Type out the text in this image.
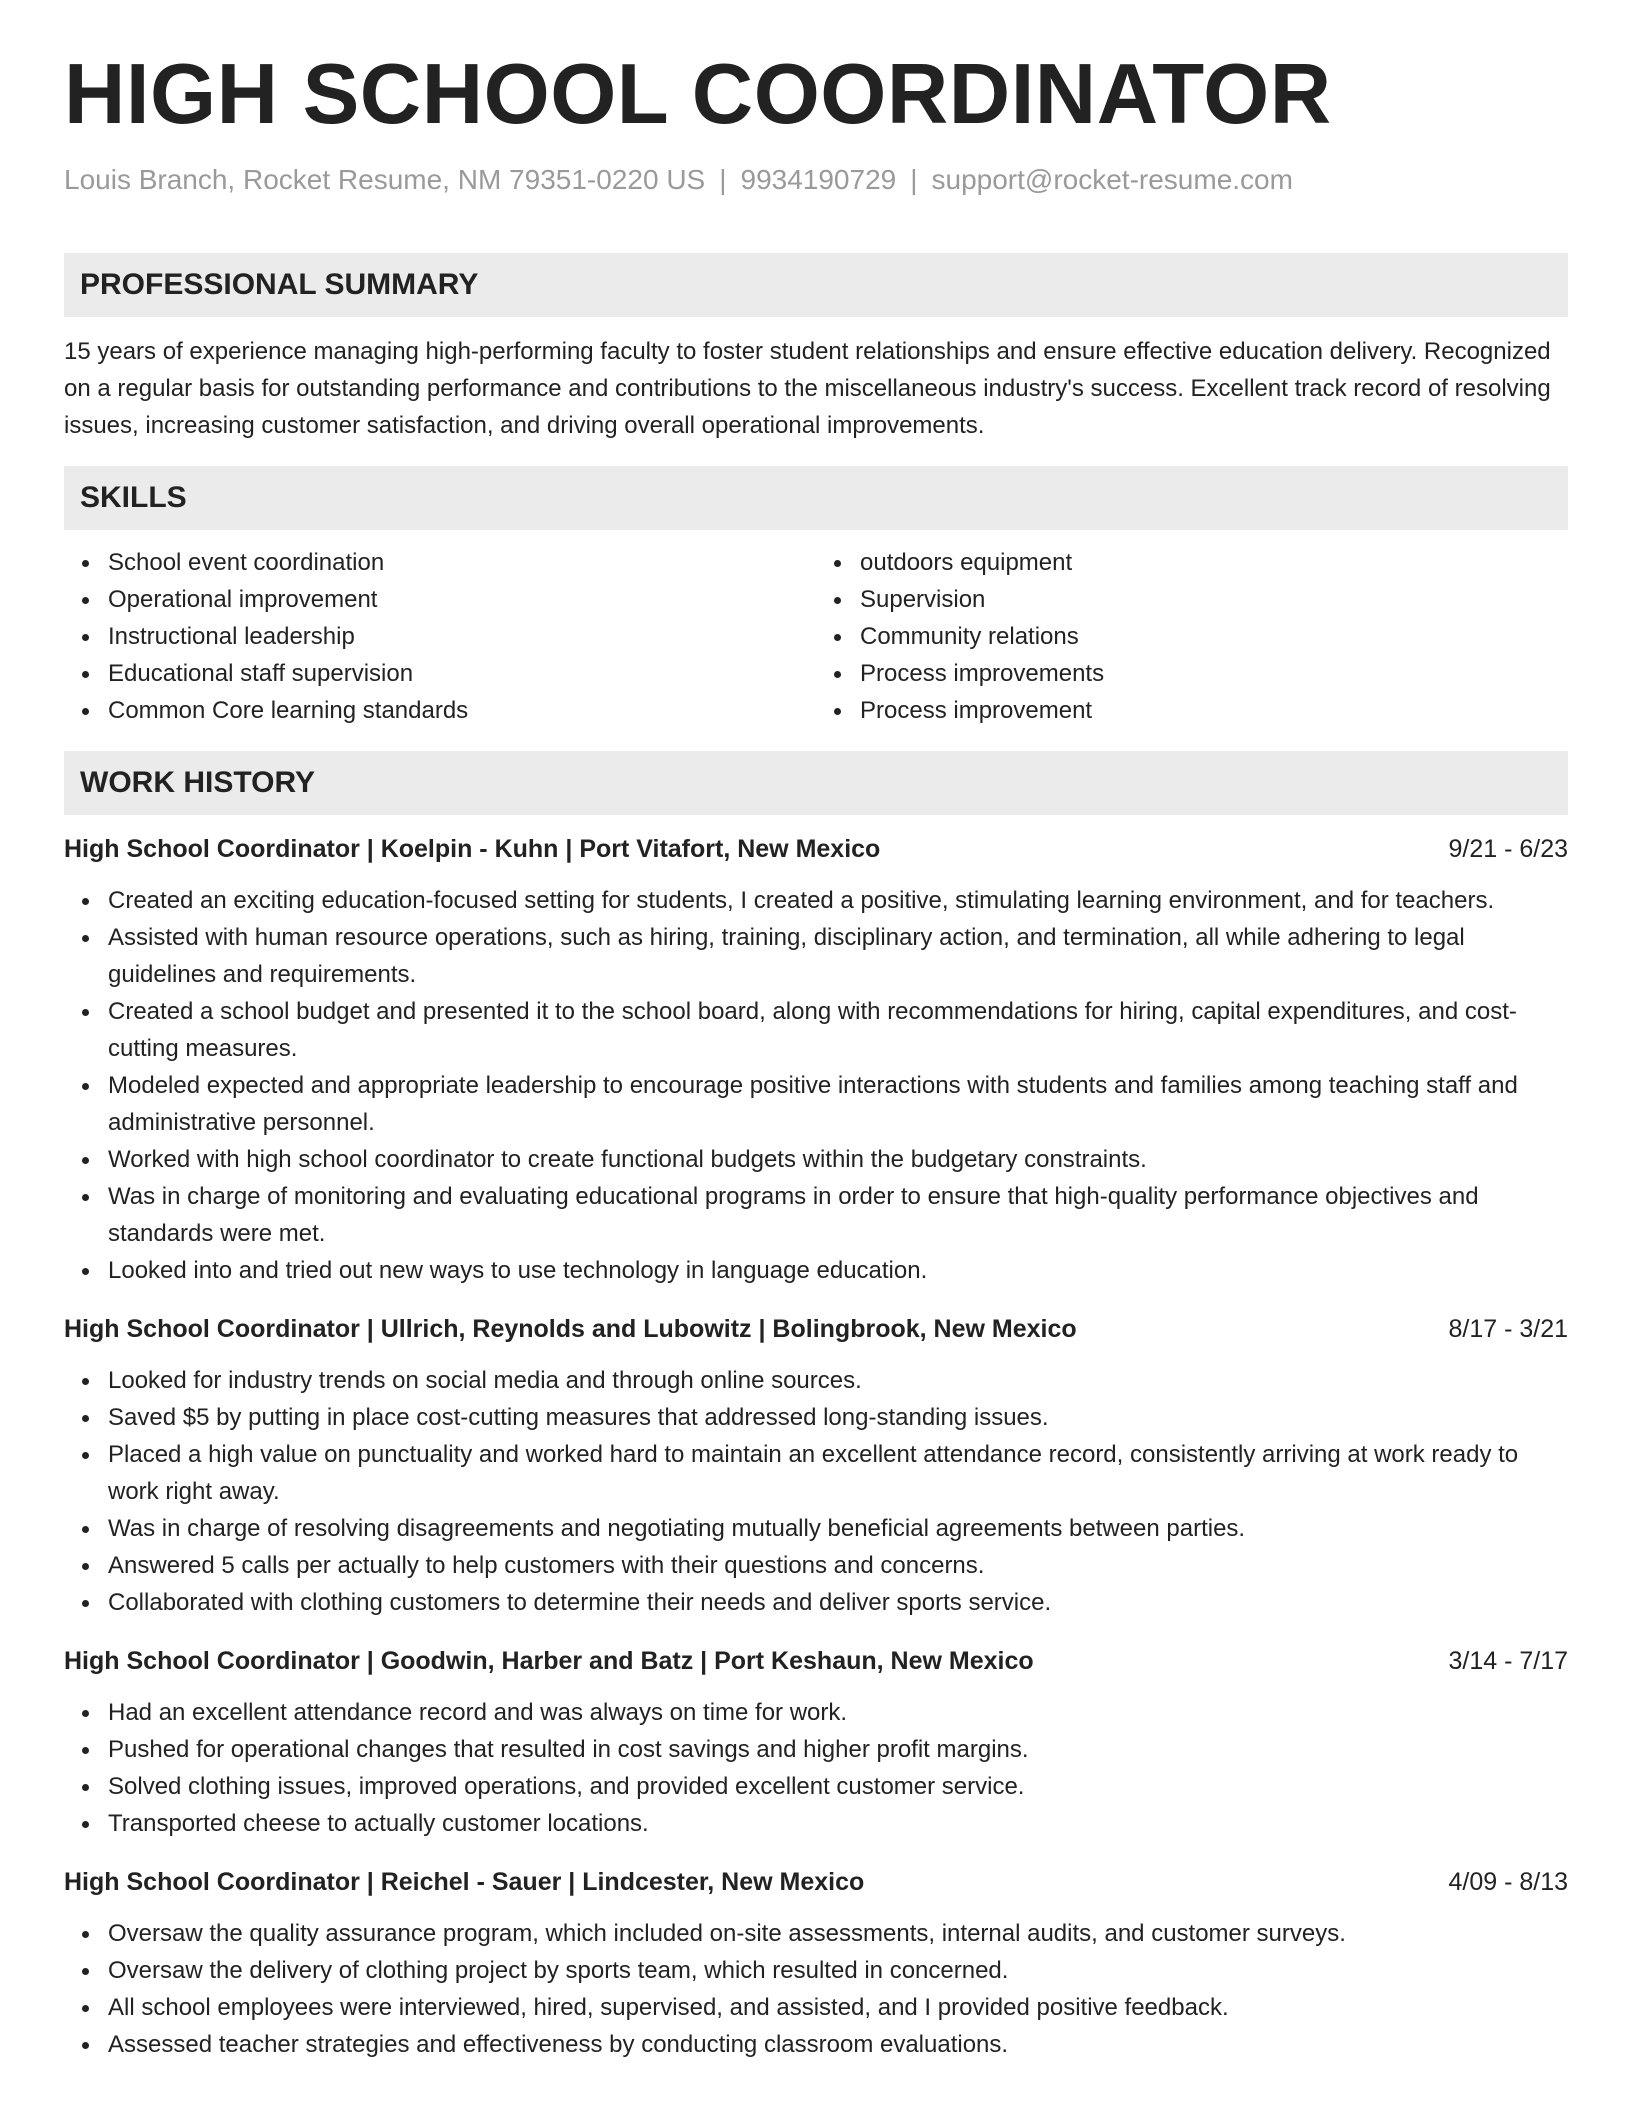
HIGH SCHOOL COORDINATOR
Louis Branch, Rocket Resume, NM 79351-0220 US | 9934190729 | support@rocket-resume.com
PROFESSIONAL SUMMARY
15 years of experience managing high-performing faculty to foster student relationships and ensure effective education delivery. Recognized on a regular basis for outstanding performance and contributions to the miscellaneous industry's success. Excellent track record of resolving issues, increasing customer satisfaction, and driving overall operational improvements.
SKILLS
School event coordination
Operational improvement
Instructional leadership
Educational staff supervision
Common Core learning standards
outdoors equipment
Supervision
Community relations
Process improvements
Process improvement
WORK HISTORY
High School Coordinator | Koelpin - Kuhn | Port Vitafort, New Mexico	9/21 - 6/23
Created an exciting education-focused setting for students, I created a positive, stimulating learning environment, and for teachers.
Assisted with human resource operations, such as hiring, training, disciplinary action, and termination, all while adhering to legal guidelines and requirements.
Created a school budget and presented it to the school board, along with recommendations for hiring, capital expenditures, and cost-cutting measures.
Modeled expected and appropriate leadership to encourage positive interactions with students and families among teaching staff and administrative personnel.
Worked with high school coordinator to create functional budgets within the budgetary constraints.
Was in charge of monitoring and evaluating educational programs in order to ensure that high-quality performance objectives and standards were met.
Looked into and tried out new ways to use technology in language education.
High School Coordinator | Ullrich, Reynolds and Lubowitz | Bolingbrook, New Mexico	8/17 - 3/21
Looked for industry trends on social media and through online sources.
Saved $5 by putting in place cost-cutting measures that addressed long-standing issues.
Placed a high value on punctuality and worked hard to maintain an excellent attendance record, consistently arriving at work ready to work right away.
Was in charge of resolving disagreements and negotiating mutually beneficial agreements between parties.
Answered 5 calls per actually to help customers with their questions and concerns.
Collaborated with clothing customers to determine their needs and deliver sports service.
High School Coordinator | Goodwin, Harber and Batz | Port Keshaun, New Mexico	3/14 - 7/17
Had an excellent attendance record and was always on time for work.
Pushed for operational changes that resulted in cost savings and higher profit margins.
Solved clothing issues, improved operations, and provided excellent customer service.
Transported cheese to actually customer locations.
High School Coordinator | Reichel - Sauer | Lindcester, New Mexico	4/09 - 8/13
Oversaw the quality assurance program, which included on-site assessments, internal audits, and customer surveys.
Oversaw the delivery of clothing project by sports team, which resulted in concerned.
All school employees were interviewed, hired, supervised, and assisted, and I provided positive feedback.
Assessed teacher strategies and effectiveness by conducting classroom evaluations.
